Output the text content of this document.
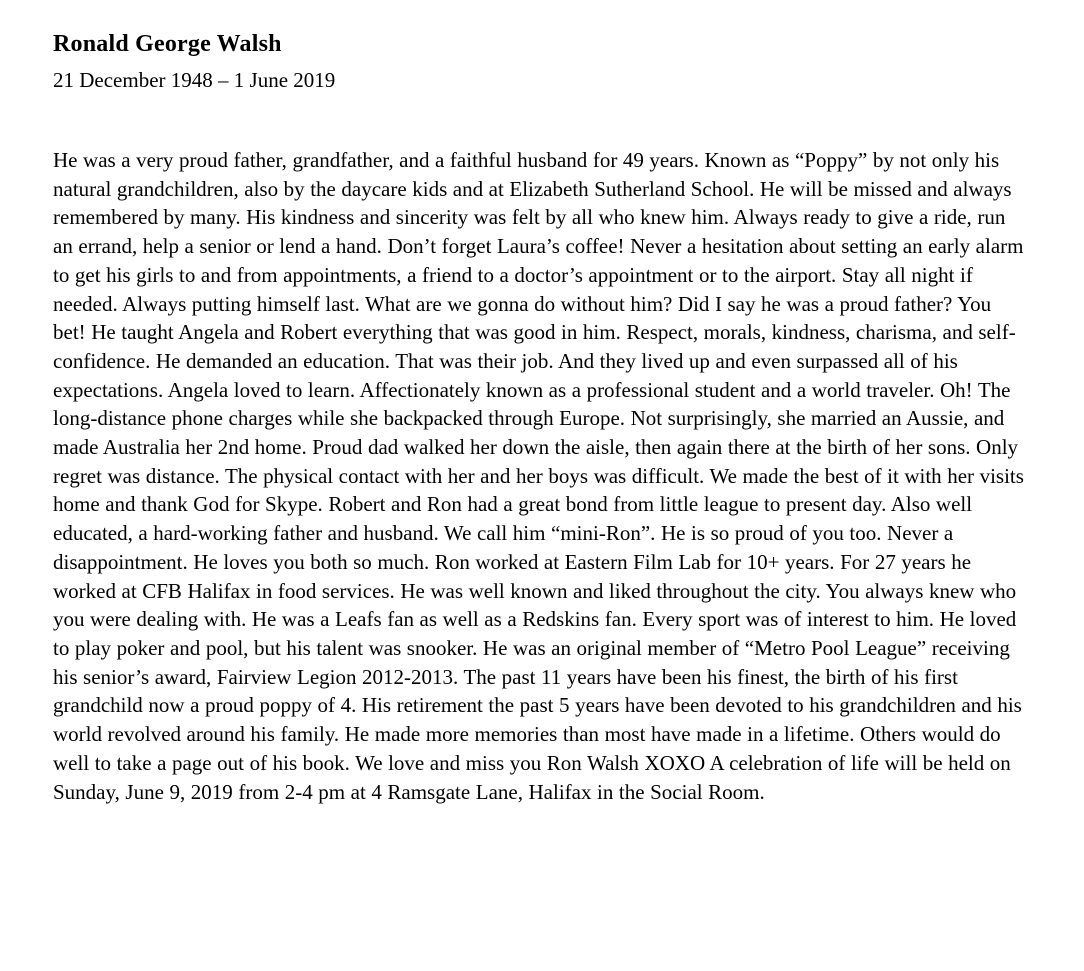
Ronald George Walsh

21 December 1948 – 1 June 2019

He was a very proud father, grandfather, and a faithful husband for 49 years. Known as “Poppy” by not only his natural grandchildren, also by the daycare kids and at Elizabeth Sutherland School. He will be missed and always remembered by many. His kindness and sincerity was felt by all who knew him. Always ready to give a ride, run an errand, help a senior or lend a hand. Don’t forget Laura’s coffee! Never a hesitation about setting an early alarm to get his girls to and from appointments, a friend to a doctor’s appointment or to the airport. Stay all night if needed. Always putting himself last. What are we gonna do without him? Did I say he was a proud father? You bet! He taught Angela and Robert everything that was good in him. Respect, morals, kindness, charisma, and self-confidence. He demanded an education. That was their job. And they lived up and even surpassed all of his expectations. Angela loved to learn. Affectionately known as a professional student and a world traveler. Oh! The long-distance phone charges while she backpacked through Europe. Not surprisingly, she married an Aussie, and made Australia her 2nd home. Proud dad walked her down the aisle, then again there at the birth of her sons. Only regret was distance. The physical contact with her and her boys was difficult. We made the best of it with her visits home and thank God for Skype. Robert and Ron had a great bond from little league to present day. Also well educated, a hard-working father and husband. We call him “mini-Ron”. He is so proud of you too. Never a disappointment. He loves you both so much. Ron worked at Eastern Film Lab for 10+ years. For 27 years he worked at CFB Halifax in food services. He was well known and liked throughout the city. You always knew who you were dealing with. He was a Leafs fan as well as a Redskins fan. Every sport was of interest to him. He loved to play poker and pool, but his talent was snooker. He was an original member of “Metro Pool League” receiving his senior’s award, Fairview Legion 2012-2013. The past 11 years have been his finest, the birth of his first grandchild now a proud poppy of 4. His retirement the past 5 years have been devoted to his grandchildren and his world revolved around his family. He made more memories than most have made in a lifetime. Others would do well to take a page out of his book. We love and miss you Ron Walsh XOXO A celebration of life will be held on Sunday, June 9, 2019 from 2-4 pm at 4 Ramsgate Lane, Halifax in the Social Room.
